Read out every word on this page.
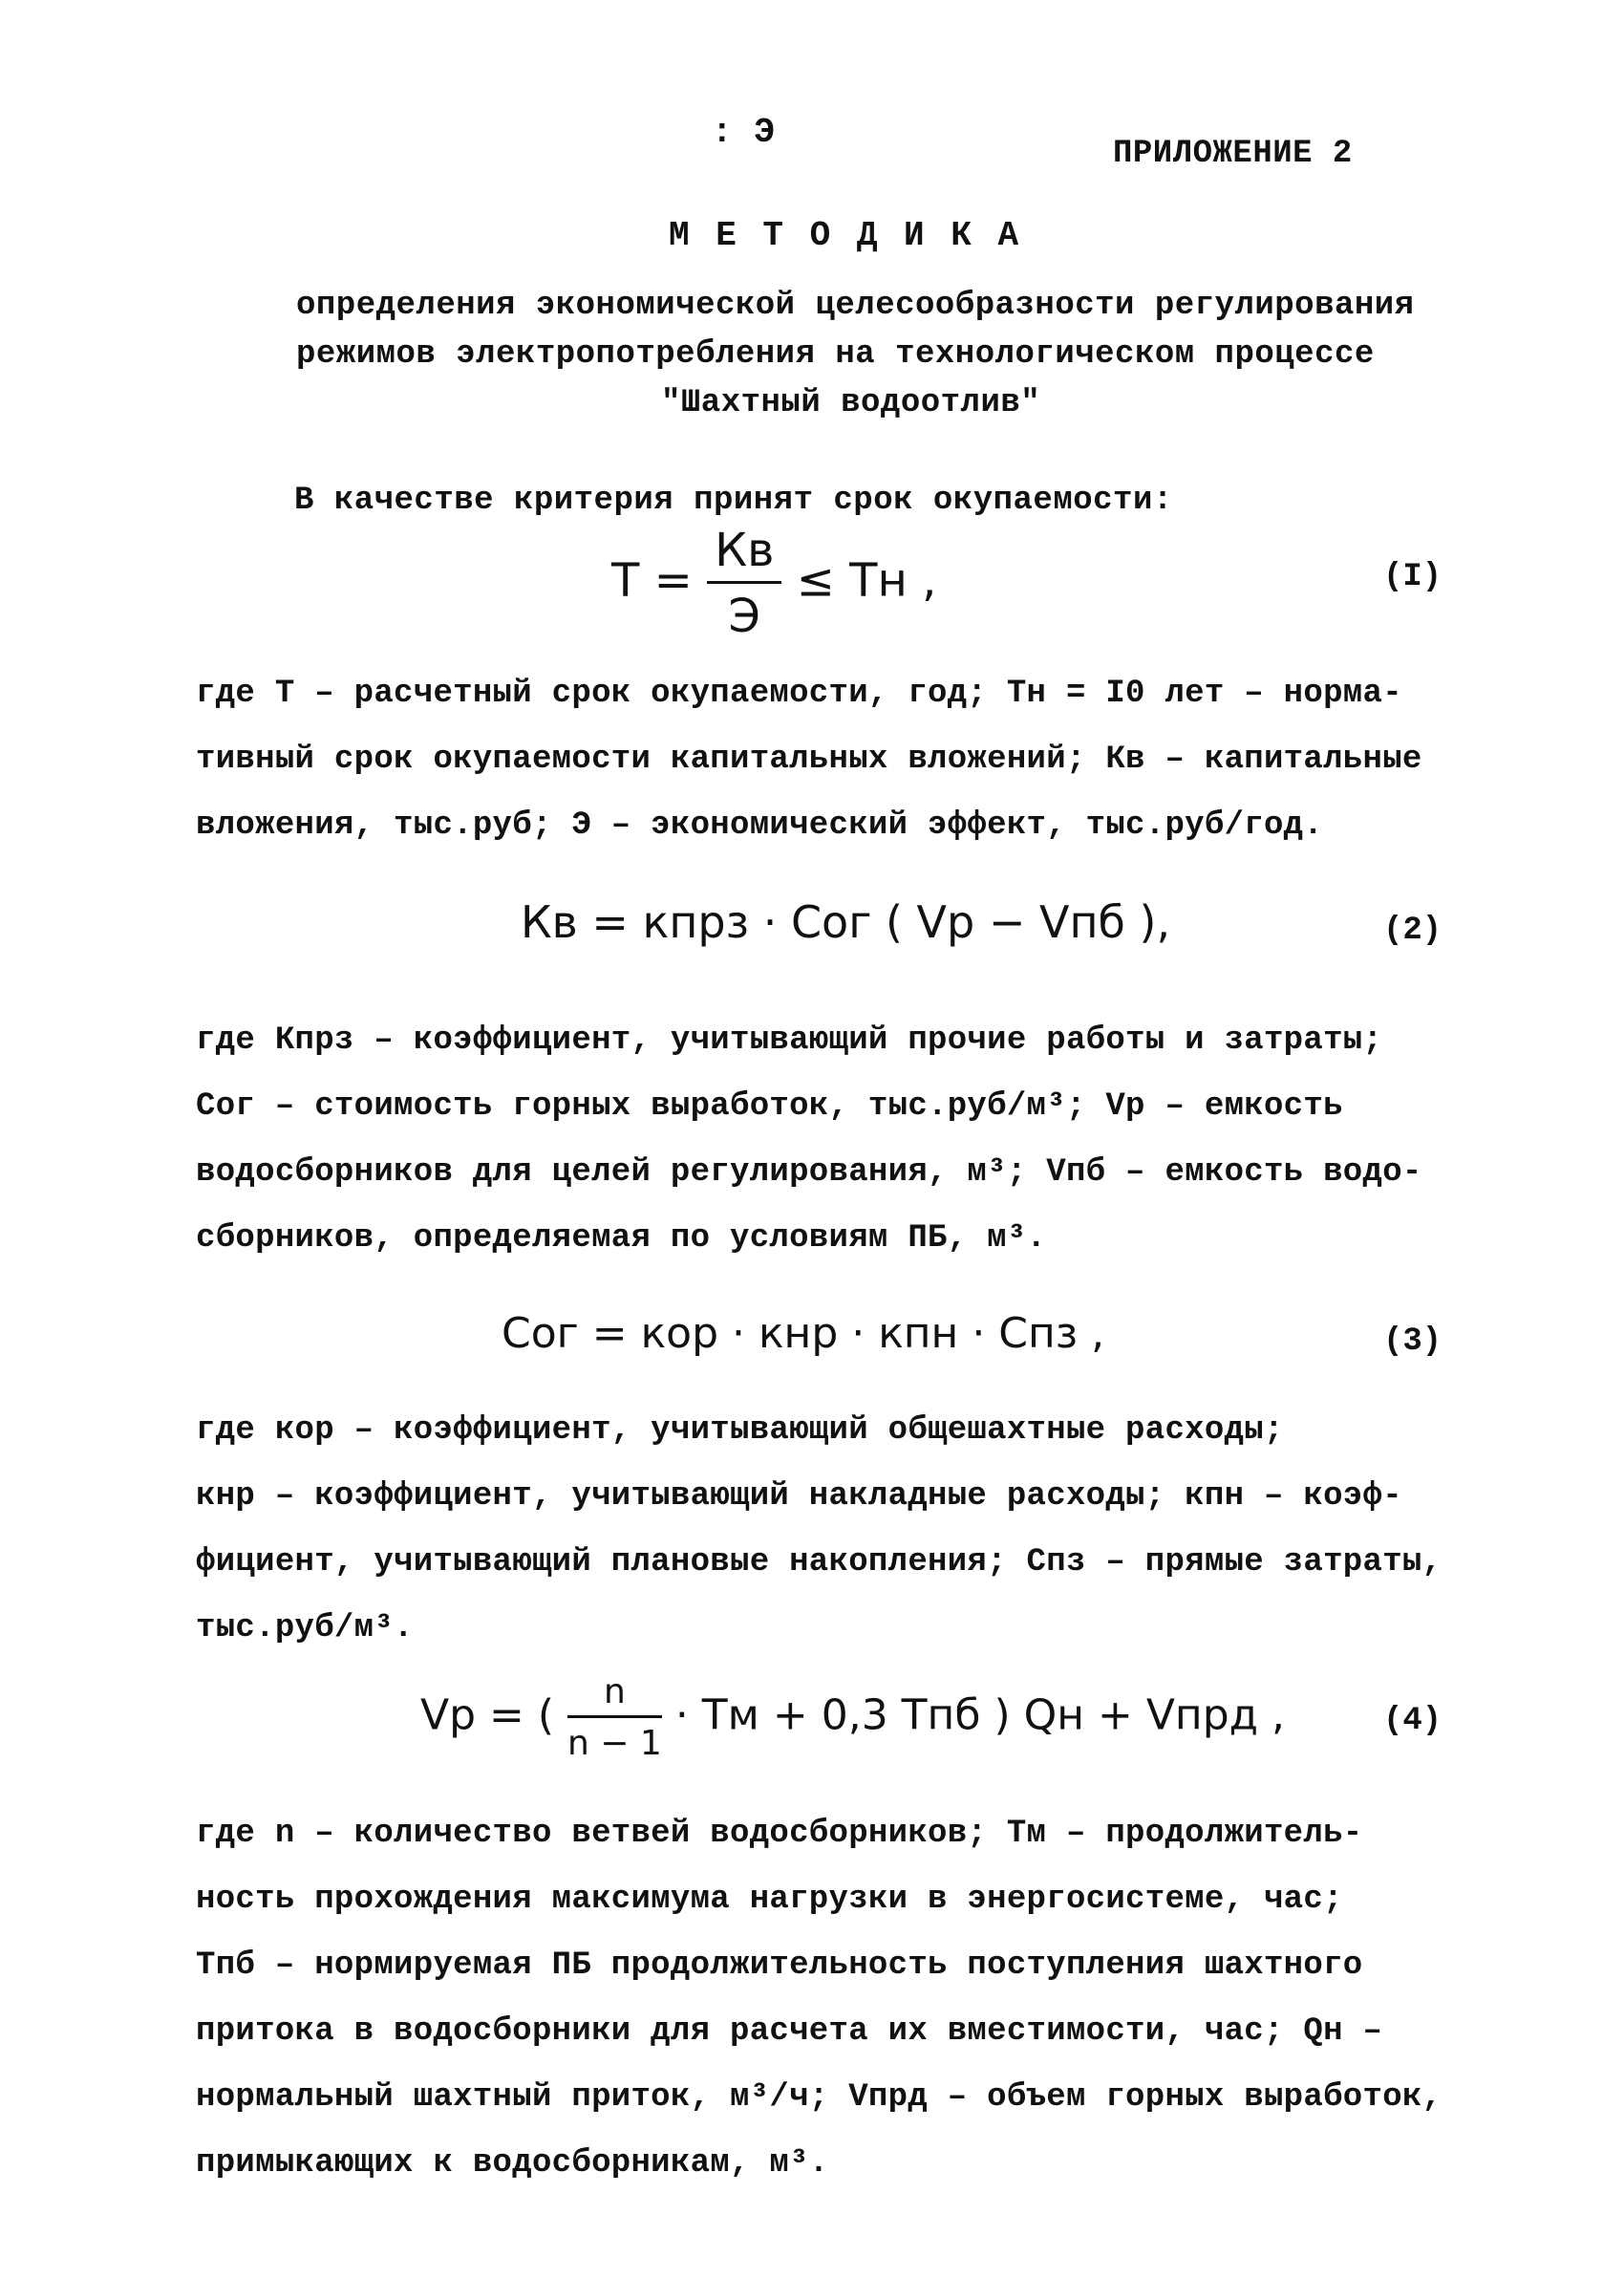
: Э
ПРИЛОЖЕНИЕ 2
М Е Т О Д И К А
определения экономической целесообразности регулирования
режимов электропотребления на технологическом процессе
"Шахтный водоотлив"
В качестве критерия принят срок окупаемости:
$T = \frac{Кв}{Э}$ ≤ Tн ,	(I)
где T – расчетный срок окупаемости, год; Tн = I0 лет – норма-
тивный срок окупаемости капитальных вложений; Кв – капитальные
вложения, тыс.руб; Э – экономический эффект, тыс.руб/год.
Кв = кпрз · Cог ( Vр − Vпб ),	(2)
где Кпрз – коэффициент, учитывающий прочие работы и затраты;
Cог – стоимость горных выработок, тыс.руб/м³; Vр – емкость
водосборников для целей регулирования, м³; Vпб – емкость водо-
сборников, определяемая по условиям ПБ, м³.
Cог = кор · кнр · кпн · Cпз ,	(3)
где кор – коэффициент, учитывающий общешахтные расходы;
кнр – коэффициент, учитывающий накладные расходы; кпн – коэф-
фициент, учитывающий плановые накопления; Cпз – прямые затраты,
тыс.руб/м³.
Vр = ( $\frac{n}{n - 1}$ · Tм + 0,3 Tпб ) Qн + Vпрд ,	(4)
где n – количество ветвей водосборников; Tм – продолжитель-
ность прохождения максимума нагрузки в энергосистеме, час;
Tпб – нормируемая ПБ продолжительность поступления шахтного
притока в водосборники для расчета их вместимости, час; Qн –
нормальный шахтный приток, м³/ч; Vпрд – объем горных выработок,
примыкающих к водосборникам, м³.
